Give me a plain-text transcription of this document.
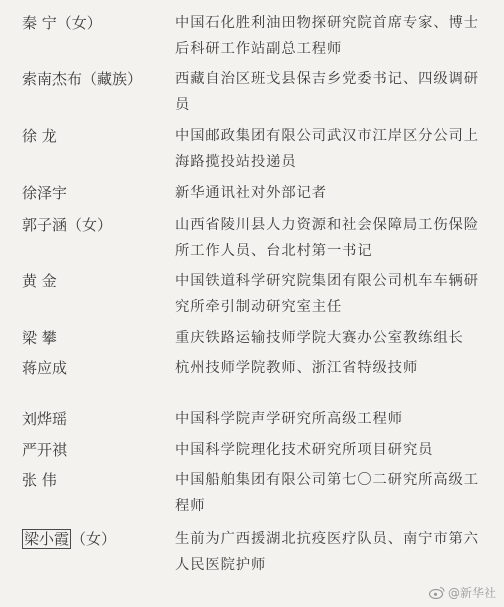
秦 宁（女）	中国石化胜利油田物探研究院首席专家、博士后科研工作站副总工程师
索南杰布（藏族） 西藏自治区班戈县保吉乡党委书记、四级调研员
徐 龙	中国邮政集团有限公司武汉市江岸区分公司上海路揽投站投递员
徐泽宇	新华通讯社对外部记者
郭子涵（女）	山西省陵川县人力资源和社会保障局工伤保险所工作人员、台北村第一书记
黄 金	中国铁道科学研究院集团有限公司机车车辆研究所牵引制动研究室主任
梁 攀	重庆铁路运输技师学院大赛办公室教练组长
蒋应成	杭州技师学院教师、浙江省特级技师
刘烨瑶	中国科学院声学研究所高级工程师
严开祺	中国科学院理化技术研究所项目研究员
张 伟	中国船舶集团有限公司第七〇二研究所高级工程师
梁小霞 （女）	生前为广西援湖北抗疫医疗队员、南宁市第六人民医院护师
@新华社
